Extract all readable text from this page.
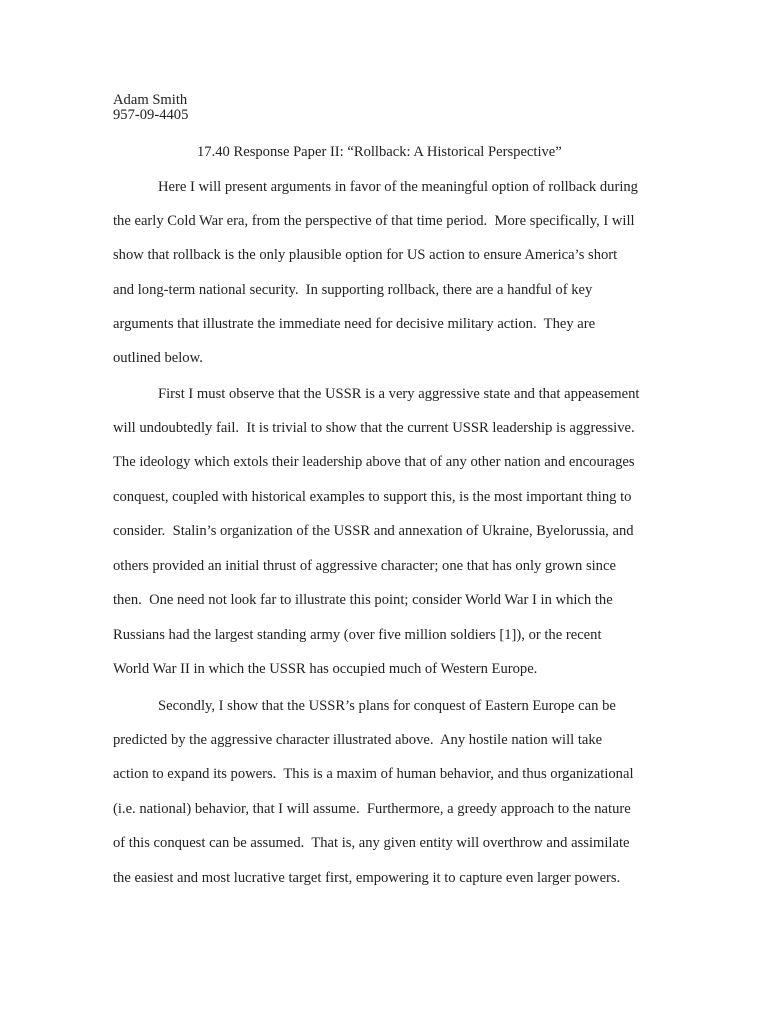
Adam Smith
957-09-4405
17.40 Response Paper II: “Rollback: A Historical Perspective”
Here I will present arguments in favor of the meaningful option of rollback during
the early Cold War era, from the perspective of that time period.  More specifically, I will
show that rollback is the only plausible option for US action to ensure America’s short
and long-term national security.  In supporting rollback, there are a handful of key
arguments that illustrate the immediate need for decisive military action.  They are
outlined below.
First I must observe that the USSR is a very aggressive state and that appeasement
will undoubtedly fail.  It is trivial to show that the current USSR leadership is aggressive.
The ideology which extols their leadership above that of any other nation and encourages
conquest, coupled with historical examples to support this, is the most important thing to
consider.  Stalin’s organization of the USSR and annexation of Ukraine, Byelorussia, and
others provided an initial thrust of aggressive character; one that has only grown since
then.  One need not look far to illustrate this point; consider World War I in which the
Russians had the largest standing army (over five million soldiers [1]), or the recent
World War II in which the USSR has occupied much of Western Europe.
Secondly, I show that the USSR’s plans for conquest of Eastern Europe can be
predicted by the aggressive character illustrated above.  Any hostile nation will take
action to expand its powers.  This is a maxim of human behavior, and thus organizational
(i.e. national) behavior, that I will assume.  Furthermore, a greedy approach to the nature
of this conquest can be assumed.  That is, any given entity will overthrow and assimilate
the easiest and most lucrative target first, empowering it to capture even larger powers.
